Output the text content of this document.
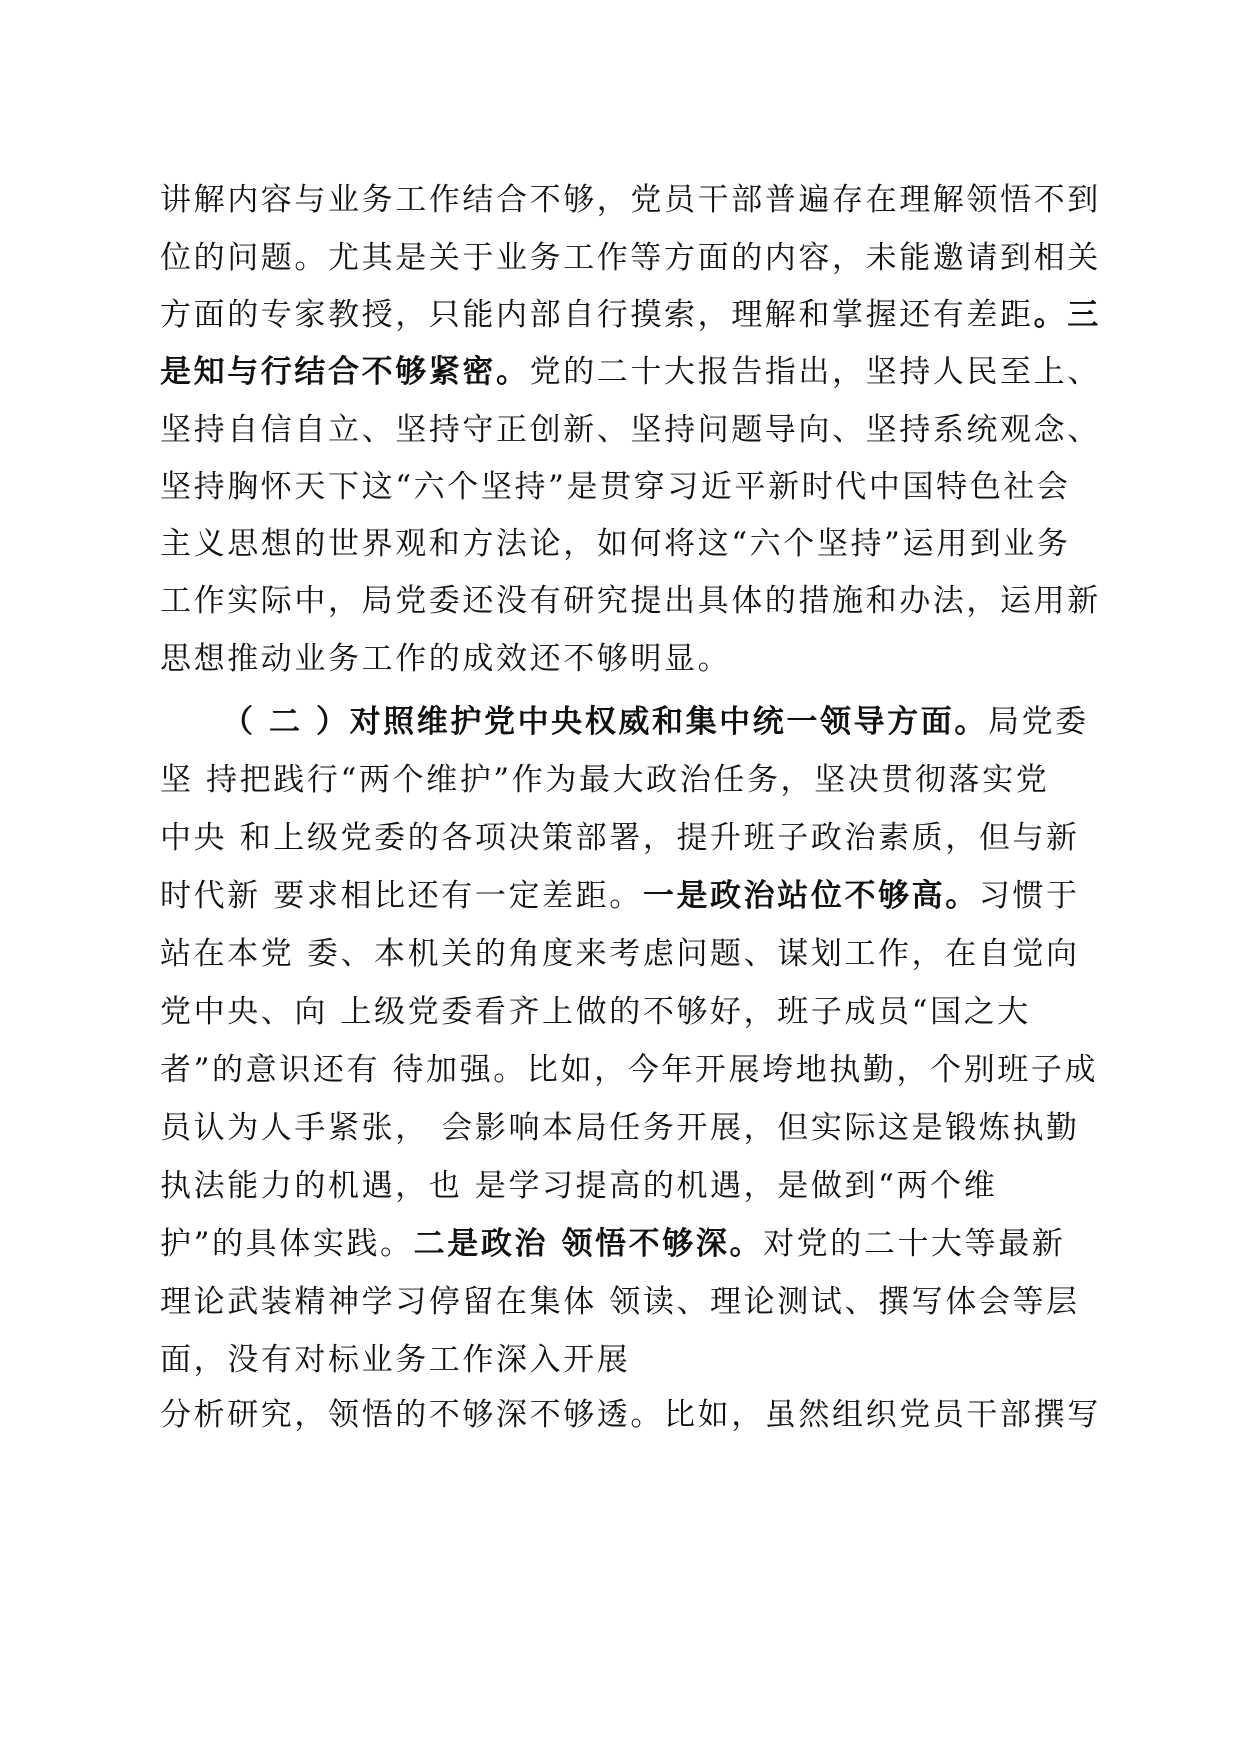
讲解内容与业务工作结合不够，党员干部普遍存在理解领悟不到
位的问题。尤其是关于业务工作等方面的内容，未能邀请到相关
方面的专家教授，只能内部自行摸索，理解和掌握还有差距。三
是知与行结合不够紧密。党的二十大报告指出，坚持人民至上、
坚持自信自立、坚持守正创新、坚持问题导向、坚持系统观念、
坚持胸怀天下这“六个坚持”是贯穿习近平新时代中国特色社会
主义思想的世界观和方法论，如何将这“六个坚持”运用到业务
工作实际中，局党委还没有研究提出具体的措施和办法，运用新
思想推动业务工作的成效还不够明显。
（ 二 ）对照维护党中央权威和集中统一领导方面。局党委
坚 持把践行“两个维护”作为最大政治任务，坚决贯彻落实党
中央 和上级党委的各项决策部署，提升班子政治素质，但与新
时代新 要求相比还有一定差距。一是政治站位不够高。习惯于
站在本党 委、本机关的角度来考虑问题、谋划工作，在自觉向
党中央、向 上级党委看齐上做的不够好，班子成员“国之大
者”的意识还有 待加强。比如，今年开展垮地执勤，个别班子成
员认为人手紧张， 会影响本局任务开展，但实际这是锻炼执勤
执法能力的机遇，也 是学习提高的机遇，是做到“两个维
护”的具体实践。二是政治 领悟不够深。对党的二十大等最新
理论武装精神学习停留在集体 领读、理论测试、撰写体会等层
面，没有对标业务工作深入开展
分析研究，领悟的不够深不够透。比如，虽然组织党员干部撰写
